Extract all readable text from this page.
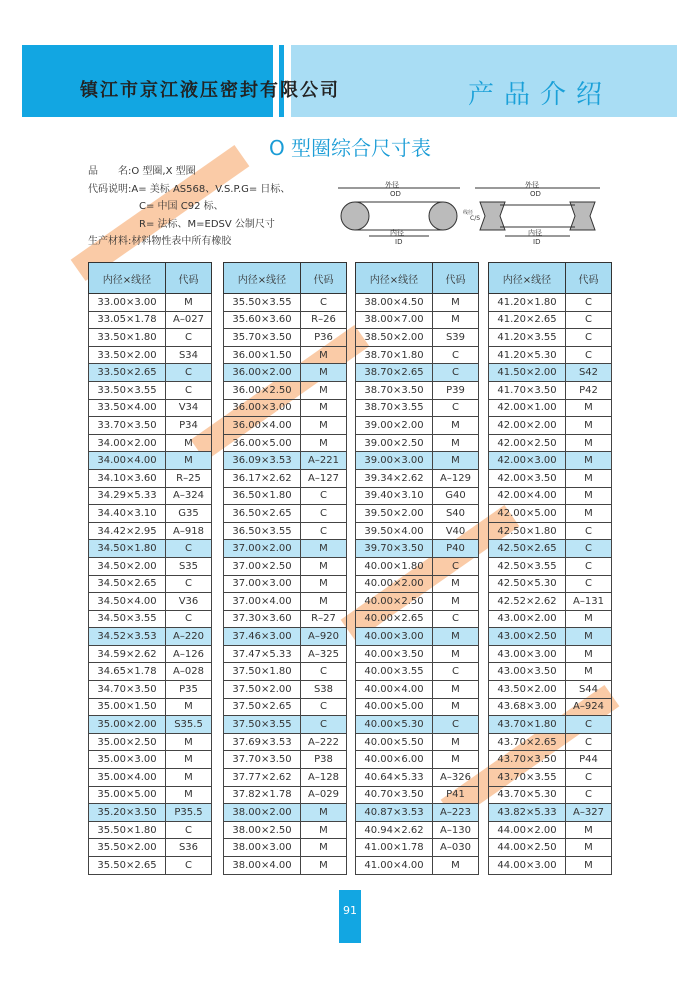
镇江市京江液压密封有限公司	产品介绍
O 型圈综合尺寸表
品　　名:O 型圈,X 型圈
代码说明:A= 美标 AS568、V.S.P.G= 日标、
C= 中国 C92 标、
R= 法标、M=EDSV 公制尺寸
生产材料:材料物性表中所有橡胶
外径
OD
内径
ID
线径
C/S
外径
OD
内径
ID
内径×线径	代码
33.00×3.00	M
33.05×1.78	A–027
33.50×1.80	C
33.50×2.00	S34
33.50×2.65	C
33.50×3.55	C
33.50×4.00	V34
33.70×3.50	P34
34.00×2.00	M
34.00×4.00	M
34.10×3.60	R–25
34.29×5.33	A–324
34.40×3.10	G35
34.42×2.95	A–918
34.50×1.80	C
34.50×2.00	S35
34.50×2.65	C
34.50×4.00	V36
34.50×3.55	C
34.52×3.53	A–220
34.59×2.62	A–126
34.65×1.78	A–028
34.70×3.50	P35
35.00×1.50	M
35.00×2.00	S35.5
35.00×2.50	M
35.00×3.00	M
35.00×4.00	M
35.00×5.00	M
35.20×3.50	P35.5
35.50×1.80	C
35.50×2.00	S36
35.50×2.65	C
内径×线径	代码
35.50×3.55	C
35.60×3.60	R–26
35.70×3.50	P36
36.00×1.50	M
36.00×2.00	M
36.00×2.50	M
36.00×3.00	M
36.00×4.00	M
36.00×5.00	M
36.09×3.53	A–221
36.17×2.62	A–127
36.50×1.80	C
36.50×2.65	C
36.50×3.55	C
37.00×2.00	M
37.00×2.50	M
37.00×3.00	M
37.00×4.00	M
37.30×3.60	R–27
37.46×3.00	A–920
37.47×5.33	A–325
37.50×1.80	C
37.50×2.00	S38
37.50×2.65	C
37.50×3.55	C
37.69×3.53	A–222
37.70×3.50	P38
37.77×2.62	A–128
37.82×1.78	A–029
38.00×2.00	M
38.00×2.50	M
38.00×3.00	M
38.00×4.00	M
内径×线径	代码
38.00×4.50	M
38.00×7.00	M
38.50×2.00	S39
38.70×1.80	C
38.70×2.65	C
38.70×3.50	P39
38.70×3.55	C
39.00×2.00	M
39.00×2.50	M
39.00×3.00	M
39.34×2.62	A–129
39.40×3.10	G40
39.50×2.00	S40
39.50×4.00	V40
39.70×3.50	P40
40.00×1.80	C
40.00×2.00	M
40.00×2.50	M
40.00×2.65	C
40.00×3.00	M
40.00×3.50	M
40.00×3.55	C
40.00×4.00	M
40.00×5.00	M
40.00×5.30	C
40.00×5.50	M
40.00×6.00	M
40.64×5.33	A–326
40.70×3.50	P41
40.87×3.53	A–223
40.94×2.62	A–130
41.00×1.78	A–030
41.00×4.00	M
内径×线径	代码
41.20×1.80	C
41.20×2.65	C
41.20×3.55	C
41.20×5.30	C
41.50×2.00	S42
41.70×3.50	P42
42.00×1.00	M
42.00×2.00	M
42.00×2.50	M
42.00×3.00	M
42.00×3.50	M
42.00×4.00	M
42.00×5.00	M
42.50×1.80	C
42.50×2.65	C
42.50×3.55	C
42.50×5.30	C
42.52×2.62	A–131
43.00×2.00	M
43.00×2.50	M
43.00×3.00	M
43.00×3.50	M
43.50×2.00	S44
43.68×3.00	A–924
43.70×1.80	C
43.70×2.65	C
43.70×3.50	P44
43.70×3.55	C
43.70×5.30	C
43.82×5.33	A–327
44.00×2.00	M
44.00×2.50	M
44.00×3.00	M
91
